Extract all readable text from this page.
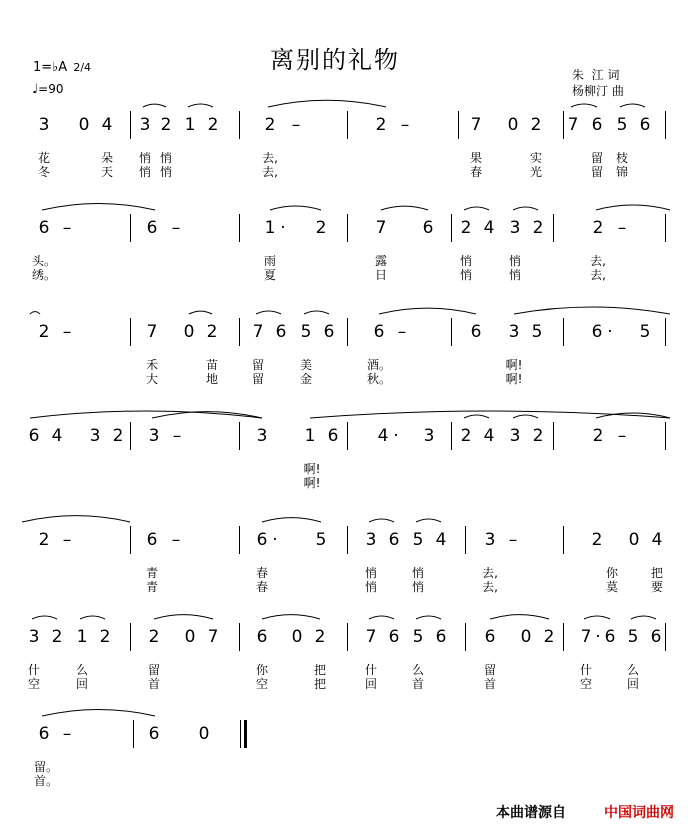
离别的礼物
朱  江 词
杨柳汀 曲
1=♭A 2/4
♩=90
3 0 4 3 2 1 2	2 –	2 –	7 0 2 7 6 5 6
花	朵	悄 悄	去,	果	实	留	枝
冬	天	悄 悄	去,	春	光	留	锦
6 –	6 –	1 ·	2	7 6 2 4 3 2	2 –
头。	雨	露	悄	悄	去,
绣。	夏	日	悄	悄	去,
2 –	7 0 2 7 6 5 6 6 –	6 3 5	6 ·	5
禾	苗	留	美	酒。	啊!
大	地	留	金	秋。	啊!
6 4 3 2 3 –	3 1 6 4 ·	3 2 4 3 2	2 –
啊!
啊!
2 –	6 –	6 ·	5 3 6 5 4 3 –	2 0 4
青	春	悄	悄	去,	你	把
青	春	悄	悄	去,	莫	要
3 2 1 2 2 0 7 6 0 2 7 6 5 6 6 0 2 7 · 6 5 6
什	么	留	你	把	什	么	留	什	么
空	回	首	空	把	回	首	首	空	回
6 –	6 0
留。
首。
本曲谱源自	中国词曲网
